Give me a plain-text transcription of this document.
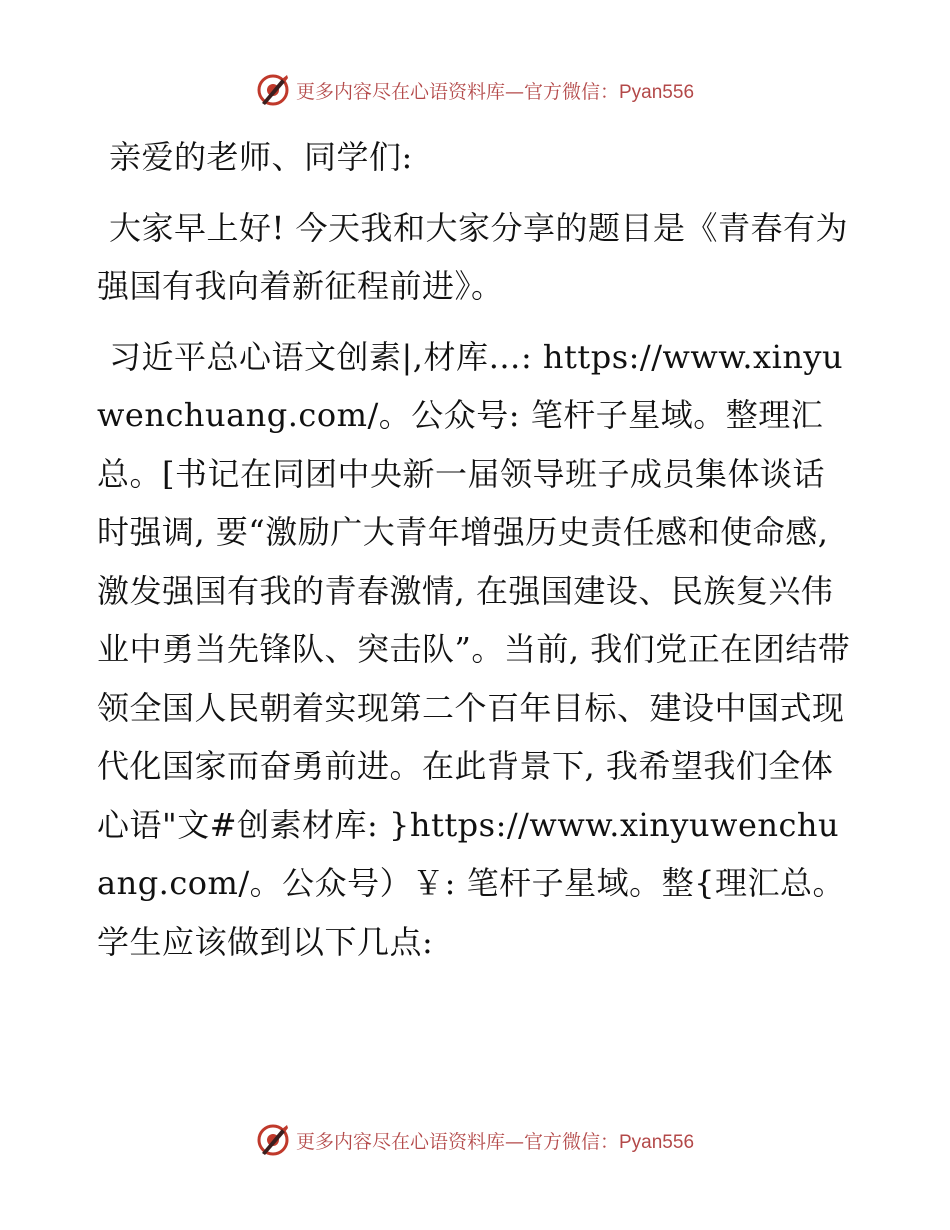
更多内容尽在心语资料库—官方微信：Pyan556

亲爱的老师、同学们:

大家早上好! 今天我和大家分享的题目是《青春有为强国有我向着新征程前进》。

习近平总心语文创素|,材库…: https://www.xinyuwenchuang.com/。公众号: 笔杆子星域。整理汇总。[书记在同团中央新一届领导班子成员集体谈话时强调, 要“激励广大青年增强历史责任感和使命感, 激发强国有我的青春激情, 在强国建设、民族复兴伟业中勇当先锋队、突击队”。当前, 我们党正在团结带领全国人民朝着实现第二个百年目标、建设中国式现代化国家而奋勇前进。在此背景下, 我希望我们全体心语"文#创素材库: }https://www.xinyuwenchuang.com/。公众号）￥: 笔杆子星域。整{理汇总。学生应该做到以下几点:

更多内容尽在心语资料库—官方微信：Pyan556
